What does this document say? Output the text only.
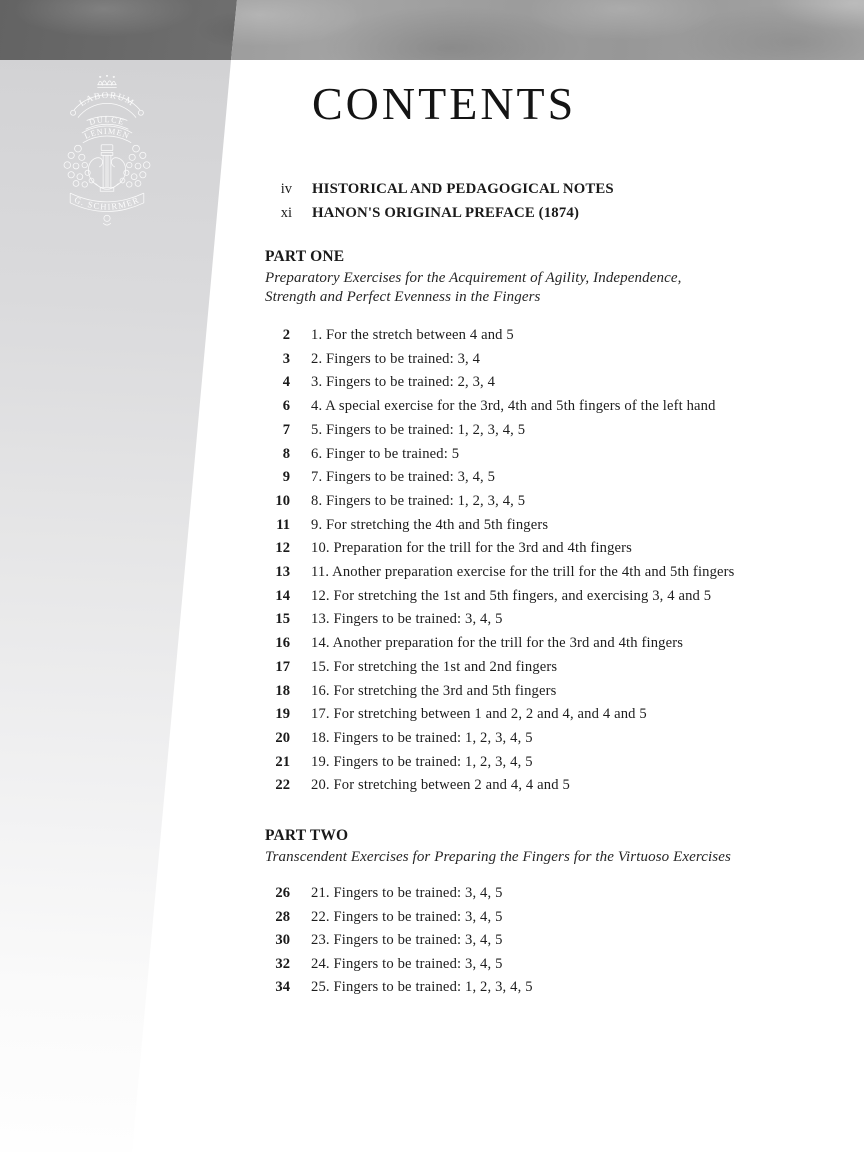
LABORUM
DULCE
LENIMEN
G. SCHIRMER
CONTENTS
iv HISTORICAL AND PEDAGOGICAL NOTES
xi HANON'S ORIGINAL PREFACE (1874)
PART ONE
Preparatory Exercises for the Acquirement of Agility, Independence,
Strength and Perfect Evenness in the Fingers
2 1. For the stretch between 4 and 5
3 2. Fingers to be trained: 3, 4
4 3. Fingers to be trained: 2, 3, 4
6 4. A special exercise for the 3rd, 4th and 5th fingers of the left hand
7 5. Fingers to be trained: 1, 2, 3, 4, 5
8 6. Finger to be trained: 5
9 7. Fingers to be trained: 3, 4, 5
10 8. Fingers to be trained: 1, 2, 3, 4, 5
11 9. For stretching the 4th and 5th fingers
12 10. Preparation for the trill for the 3rd and 4th fingers
13 11. Another preparation exercise for the trill for the 4th and 5th fingers
14 12. For stretching the 1st and 5th fingers, and exercising 3, 4 and 5
15 13. Fingers to be trained: 3, 4, 5
16 14. Another preparation for the trill for the 3rd and 4th fingers
17 15. For stretching the 1st and 2nd fingers
18 16. For stretching the 3rd and 5th fingers
19 17. For stretching between 1 and 2, 2 and 4, and 4 and 5
20 18. Fingers to be trained: 1, 2, 3, 4, 5
21 19. Fingers to be trained: 1, 2, 3, 4, 5
22 20. For stretching between 2 and 4, 4 and 5
PART TWO
Transcendent Exercises for Preparing the Fingers for the Virtuoso Exercises
26 21. Fingers to be trained: 3, 4, 5
28 22. Fingers to be trained: 3, 4, 5
30 23. Fingers to be trained: 3, 4, 5
32 24. Fingers to be trained: 3, 4, 5
34 25. Fingers to be trained: 1, 2, 3, 4, 5
